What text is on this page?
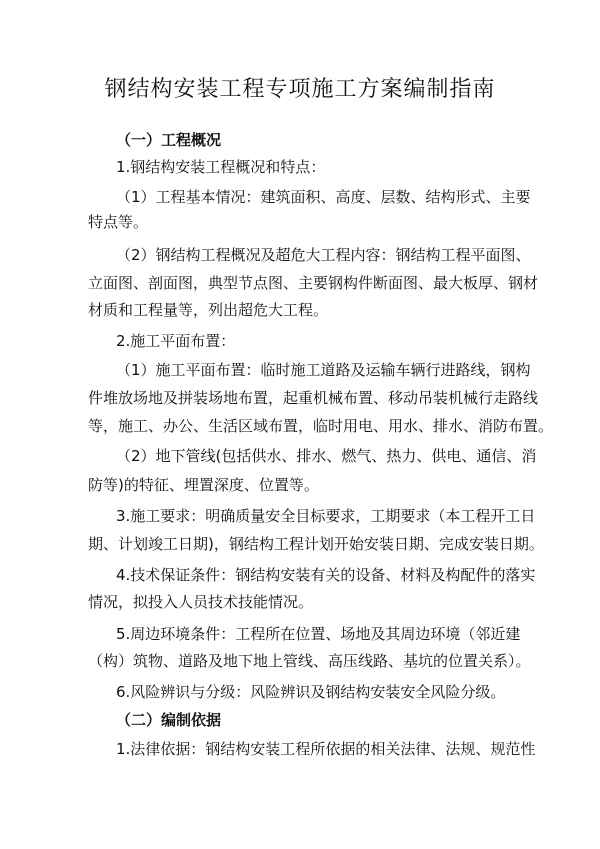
钢结构安装工程专项施工方案编制指南

（一）工程概况

1.钢结构安装工程概况和特点：

（1）工程基本情况：建筑面积、高度、层数、结构形式、主要

特点等。

（2）钢结构工程概况及超危大工程内容：钢结构工程平面图、

立面图、剖面图，典型节点图、主要钢构件断面图、最大板厚、钢材

材质和工程量等，列出超危大工程。

2.施工平面布置：

（1）施工平面布置：临时施工道路及运输车辆行进路线，钢构

件堆放场地及拼装场地布置，起重机械布置、移动吊装机械行走路线

等，施工、办公、生活区域布置，临时用电、用水、排水、消防布置。

（2）地下管线(包括供水、排水、燃气、热力、供电、通信、消

防等)的特征、埋置深度、位置等。

3.施工要求：明确质量安全目标要求，工期要求（本工程开工日

期、计划竣工日期)，钢结构工程计划开始安装日期、完成安装日期。

4.技术保证条件：钢结构安装有关的设备、材料及构配件的落实

情况，拟投入人员技术技能情况。

5.周边环境条件：工程所在位置、场地及其周边环境（邻近建

（构）筑物、道路及地下地上管线、高压线路、基坑的位置关系）。

6.风险辨识与分级：风险辨识及钢结构安装安全风险分级。

（二）编制依据

1.法律依据：钢结构安装工程所依据的相关法律、法规、规范性
